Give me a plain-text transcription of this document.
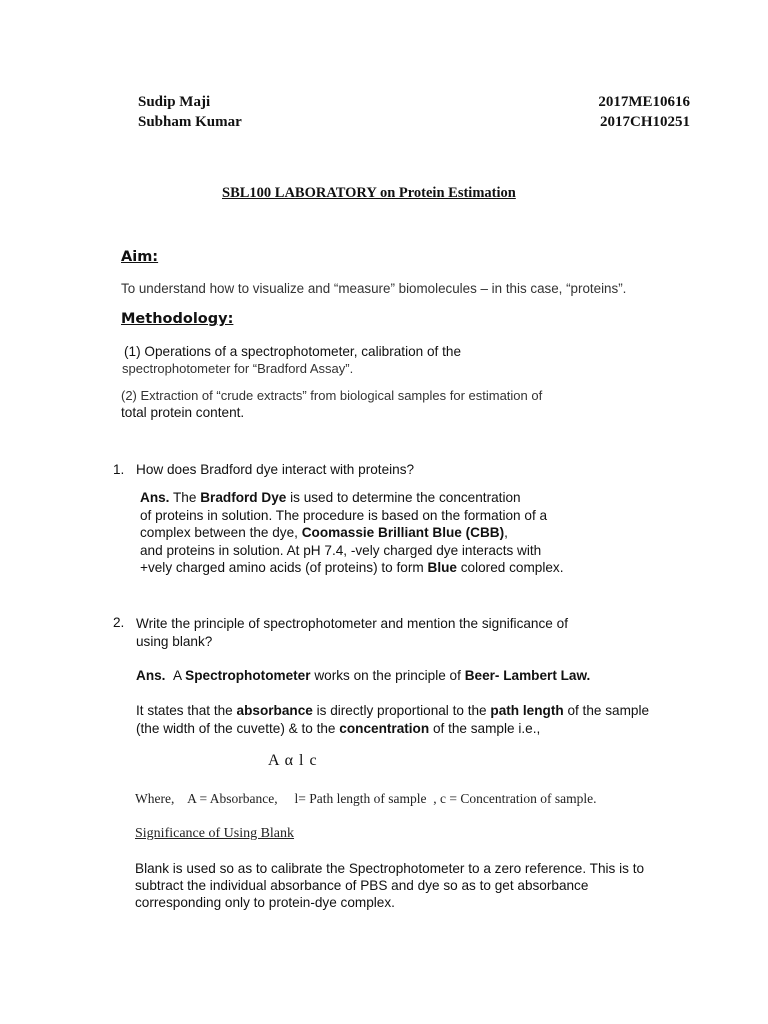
Sudip Maji	2017ME10616
Subham Kumar	2017CH10251
SBL100 LABORATORY on Protein Estimation
Aim:
To understand how to visualize and “measure” biomolecules – in this case, “proteins”.
Methodology:
(1) Operations of a spectrophotometer, calibration of the
spectrophotometer for “Bradford Assay”.
(2) Extraction of “crude extracts” from biological samples for estimation of
total protein content.
1. How does Bradford dye interact with proteins?
Ans. The Bradford Dye is used to determine the concentration
of proteins in solution. The procedure is based on the formation of a
complex between the dye, Coomassie Brilliant Blue (CBB),
and proteins in solution. At pH 7.4, -vely charged dye interacts with
+vely charged amino acids (of proteins) to form Blue colored complex.
2. Write the principle of spectrophotometer and mention the significance of
using blank?
Ans. A Spectrophotometer works on the principle of Beer- Lambert Law.
It states that the absorbance is directly proportional to the path length of the sample
(the width of the cuvette) & to the concentration of the sample i.e.,
A α l c
Where,    A = Absorbance,     l= Path length of sample  , c = Concentration of sample.
Significance of Using Blank
Blank is used so as to calibrate the Spectrophotometer to a zero reference. This is to
subtract the individual absorbance of PBS and dye so as to get absorbance
corresponding only to protein-dye complex.
